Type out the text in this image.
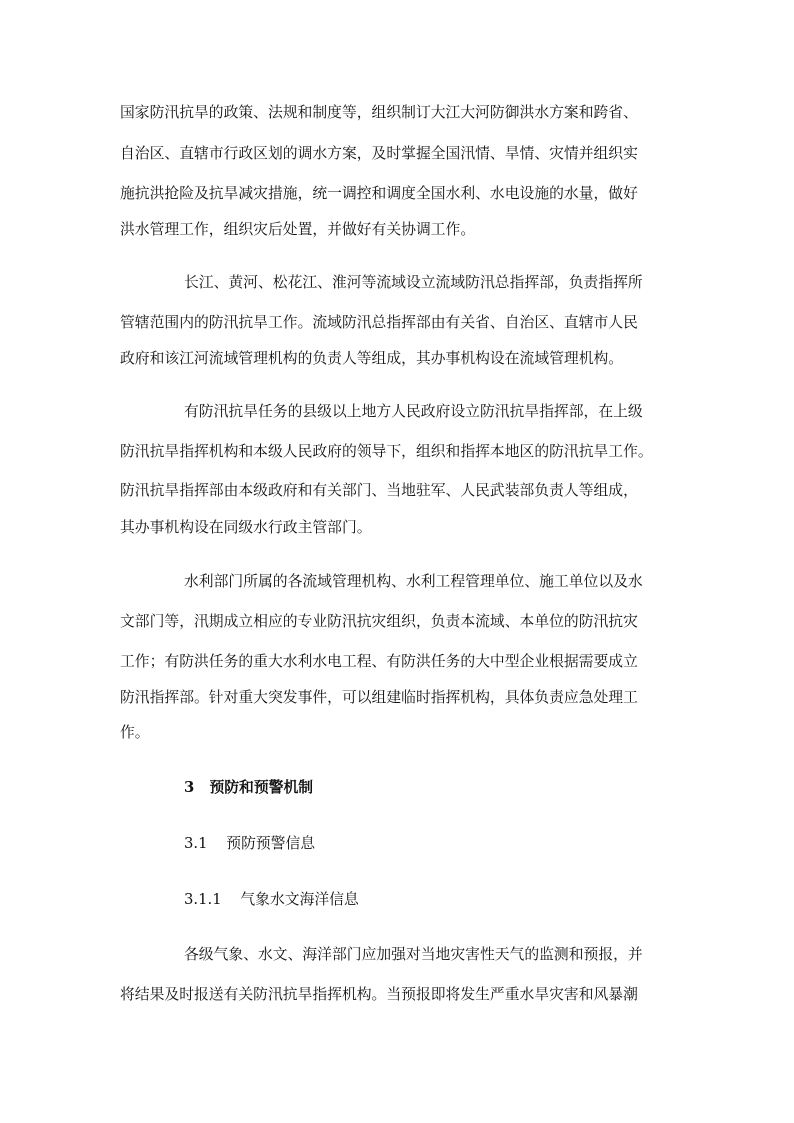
国家防汛抗旱的政策、法规和制度等，组织制订大江大河防御洪水方案和跨省、
自治区、直辖市行政区划的调水方案，及时掌握全国汛情、旱情、灾情并组织实
施抗洪抢险及抗旱减灾措施，统一调控和调度全国水利、水电设施的水量，做好
洪水管理工作，组织灾后处置，并做好有关协调工作。
长江、黄河、松花江、淮河等流域设立流域防汛总指挥部，负责指挥所
管辖范围内的防汛抗旱工作。流域防汛总指挥部由有关省、自治区、直辖市人民
政府和该江河流域管理机构的负责人等组成，其办事机构设在流域管理机构。
有防汛抗旱任务的县级以上地方人民政府设立防汛抗旱指挥部，在上级
防汛抗旱指挥机构和本级人民政府的领导下，组织和指挥本地区的防汛抗旱工作。
防汛抗旱指挥部由本级政府和有关部门、当地驻军、人民武装部负责人等组成，
其办事机构设在同级水行政主管部门。
水利部门所属的各流域管理机构、水利工程管理单位、施工单位以及水
文部门等，汛期成立相应的专业防汛抗灾组织，负责本流域、本单位的防汛抗灾
工作；有防洪任务的重大水利水电工程、有防洪任务的大中型企业根据需要成立
防汛指挥部。针对重大突发事件，可以组建临时指挥机构，具体负责应急处理工
作。
3 预防和预警机制
3.1 预防预警信息
3.1.1 气象水文海洋信息
各级气象、水文、海洋部门应加强对当地灾害性天气的监测和预报，并
将结果及时报送有关防汛抗旱指挥机构。当预报即将发生严重水旱灾害和风暴潮
